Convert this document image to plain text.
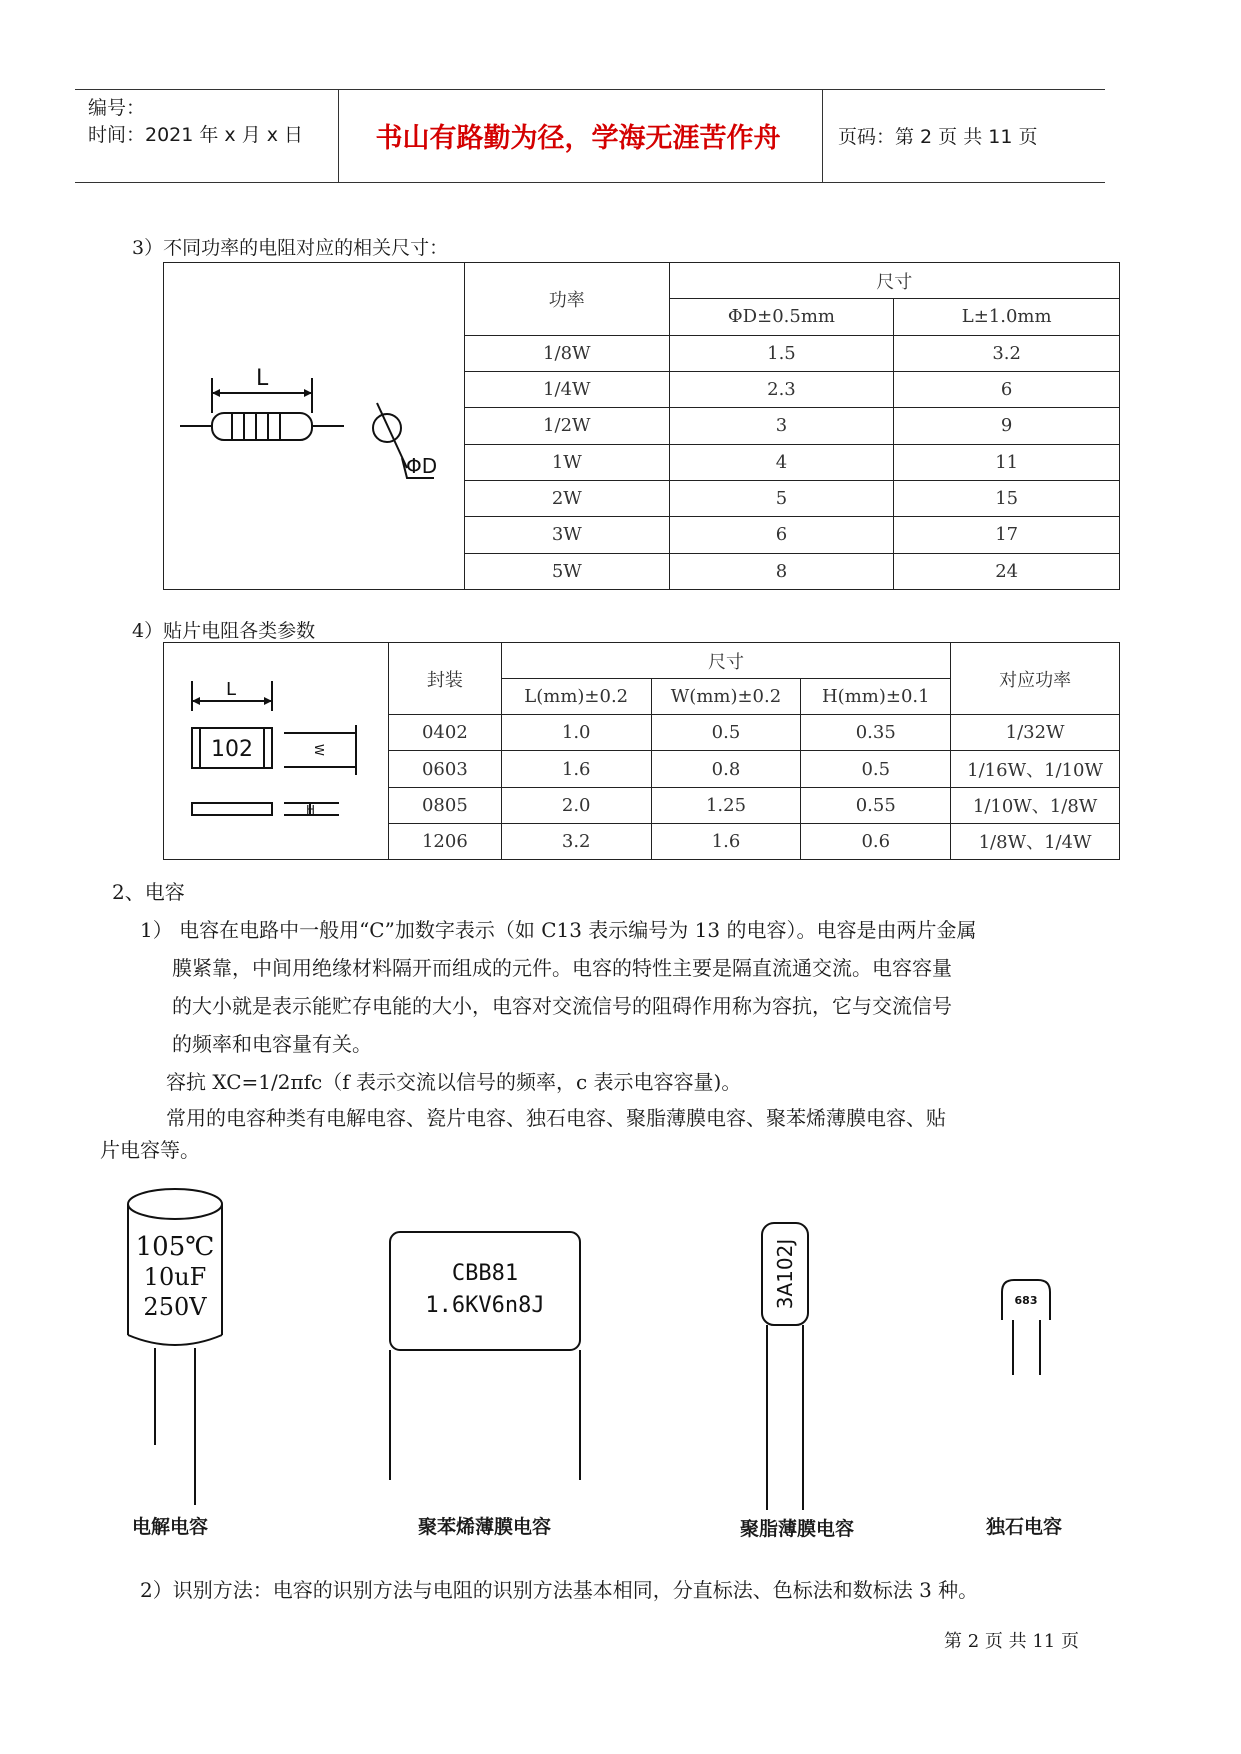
编号：
时间：2021 年 x 月 x 日	书山有路勤为径，学海无涯苦作舟	页码：第 2 页 共 11 页
3）不同功率的电阻对应的相关尺寸：
L
ΦD	功率	尺寸	
		ΦD±0.5mm	L±1.0mm
	1/8W	1.5	3.2
	1/4W	2.3	6
	1/2W	3	9
	1W	4	11
	2W	5	15
	3W	6	17
	5W	8	24
4）贴片电阻各类参数
L
102 W
H	封装	尺寸			对应功率
		L(mm)±0.2	W(mm)±0.2	H(mm)±0.1	
	0402	1.0	0.5	0.35	1/32W
	0603	1.6	0.8	0.5	1/16W、1/10W
	0805	2.0	1.25	0.55	1/10W、1/8W
	1206	3.2	1.6	0.6	1/8W、1/4W
2、电容
1） 电容在电路中一般用“C”加数字表示（如 C13 表示编号为 13 的电容）。电容是由两片金属
膜紧靠，中间用绝缘材料隔开而组成的元件。电容的特性主要是隔直流通交流。电容容量
的大小就是表示能贮存电能的大小，电容对交流信号的阻碍作用称为容抗，它与交流信号
的频率和电容量有关。
容抗 XC=1/2πfc（f 表示交流以信号的频率，c 表示电容容量)。
常用的电容种类有电解电容、瓷片电容、独石电容、聚脂薄膜电容、聚苯烯薄膜电容、贴
片电容等。
105℃
10uF
250V
CBB81
1.6KV6n8J	3A102J	683
电解电容	聚苯烯薄膜电容	聚脂薄膜电容	独石电容
2）识别方法：电容的识别方法与电阻的识别方法基本相同，分直标法、色标法和数标法 3 种。
第 2 页 共 11 页
